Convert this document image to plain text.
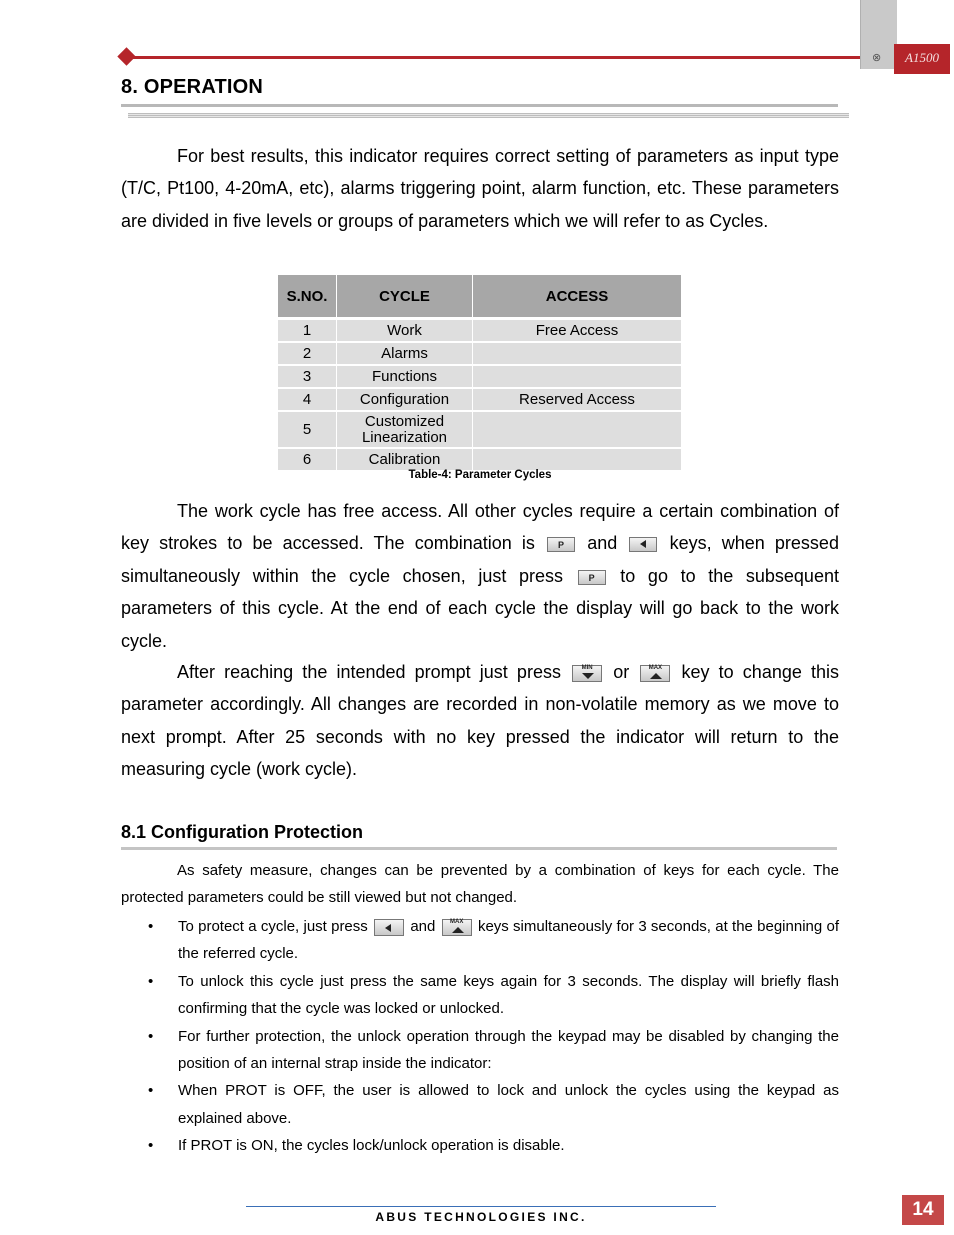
⊗	A1500
8. OPERATION

For best results, this indicator requires correct setting of parameters as input type (T/C, Pt100, 4-20mA, etc), alarms triggering point, alarm function, etc. These parameters are divided in five levels or groups of parameters which we will refer to as Cycles.

S.NO.	CYCLE	ACCESS
1	Work	Free Access
2	Alarms	
3	Functions	
4	Configuration	Reserved Access
5	Customized Linearization	
6	Calibration	
Table-4: Parameter Cycles

The work cycle has free access. All other cycles require a certain combination of key strokes to be accessed. The combination is	P and	keys, when pressed simultaneously within the cycle chosen, just press	P to go to the subsequent parameters of this cycle. At the end of each cycle the display will go back to the work cycle.

After reaching the intended prompt just press	MIN	or	MAX	key to change this parameter accordingly. All changes are recorded in non-volatile memory as we move to next prompt. After 25 seconds with no key pressed the indicator will return to the measuring cycle (work cycle).

8.1 Configuration Protection

As safety measure, changes can be prevented by a combination of keys for each cycle. The protected parameters could be still viewed but not changed.

• To protect a cycle, just press	and	MAX keys simultaneously for 3 seconds, at the beginning of the referred cycle.
• To unlock this cycle just press the same keys again for 3 seconds. The display will briefly flash confirming that the cycle was locked or unlocked.
• For further protection, the unlock operation through the keypad may be disabled by changing the position of an internal strap inside the indicator:
• When PROT is OFF, the user is allowed to lock and unlock the cycles using the keypad as explained above.
• If PROT is ON, the cycles lock/unlock operation is disable.
ABUS TECHNOLOGIES INC.	14
